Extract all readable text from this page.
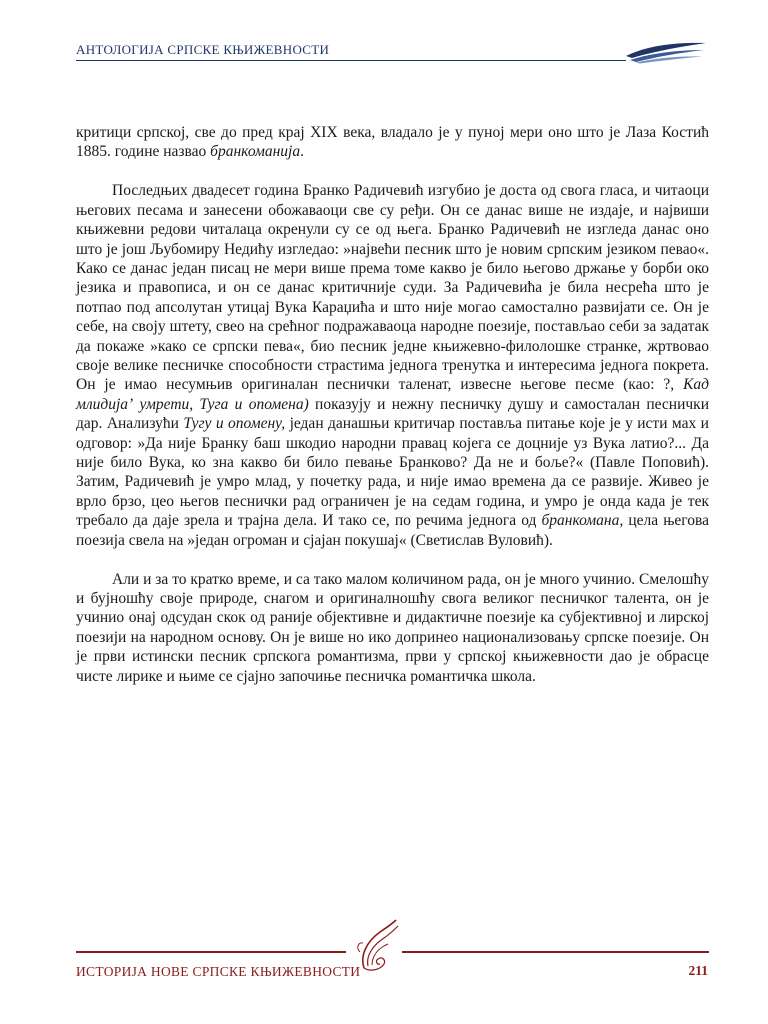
АНТОЛОГИЈА СРПСКЕ КЊИЖЕВНОСТИ

критици српској, све до пред крај XIX века, владало је у пуној мери оно што је Лаза Костић 1885. године назвао бранкоманија.

Последњих двадесет година Бранко Радичевић изгубио је доста од свога гласа, и читаоци његових песама и занесени обожаваоци све су ређи. Он се данас више не издаје, и највиши књижевни редови читалаца окренули су се од њега. Бранко Радичевић не изгледа данас оно што је још Љубомиру Недићу изгледао: »највећи песник што је новим српским језиком певао«. Како се данас један писац не мери више према томе какво је било његово држање у борби око језика и правописа, и он се данас критичније суди. За Радичевића је била несрећа што је потпао под апсолутан утицај Вука Караџића и што није могао самостално развијати се. Он је себе, на своју штету, свео на срећног подражаваоца народне поезије, постављао себи за задатак да покаже »како се српски пева«, био песник једне књижевно-филолошке странке, жртвовао своје велике песничке способности страстима једнога тренутка и интересима једнога покрета. Он је имао несумњив оригиналан песнички таленат, извесне његове песме (као: ?, Кад млидијаʼ умрети, Туга и опомена) показују и нежну песничку душу и самосталан песнички дар. Анализући Тугу и опомену, један данашњи критичар поставља питање које је у исти мах и одговор: »Да није Бранку баш шкодио народни правац којега се доцније уз Вука латио?... Да није било Вука, ко зна какво би било певање Бранково? Да не и боље?« (Павле Поповић). Затим, Радичевић је умро млад, у почетку рада, и није имао времена да се развије. Живео је врло брзо, цео његов песнички рад ограничен је на седам година, и умро је онда када је тек требало да даје зрела и трајна дела. И тако се, по речима једнога од бранкомана, цела његова поезија свела на »један огроман и сјајан покушај« (Светислав Вуловић).

Али и за то кратко време, и са тако малом количином рада, он је много учинио. Смелошћу и бујношћу своје природе, снагом и оригиналношћу свога великог песничког талента, он је учинио онај одсудан скок од раније објективне и дидактичне поезије ка субјективној и лирској поезији на народном основу. Он је више но ико допринео национализовању српске поезије. Он је први истински песник српскога романтизма, први у српској књижевности дао је обрасце чисте лирике и њиме се сјајно започиње песничка романтичка школа.

ИСТОРИЈА НОВЕ СРПСКЕ КЊИЖЕВНОСТИ	211
